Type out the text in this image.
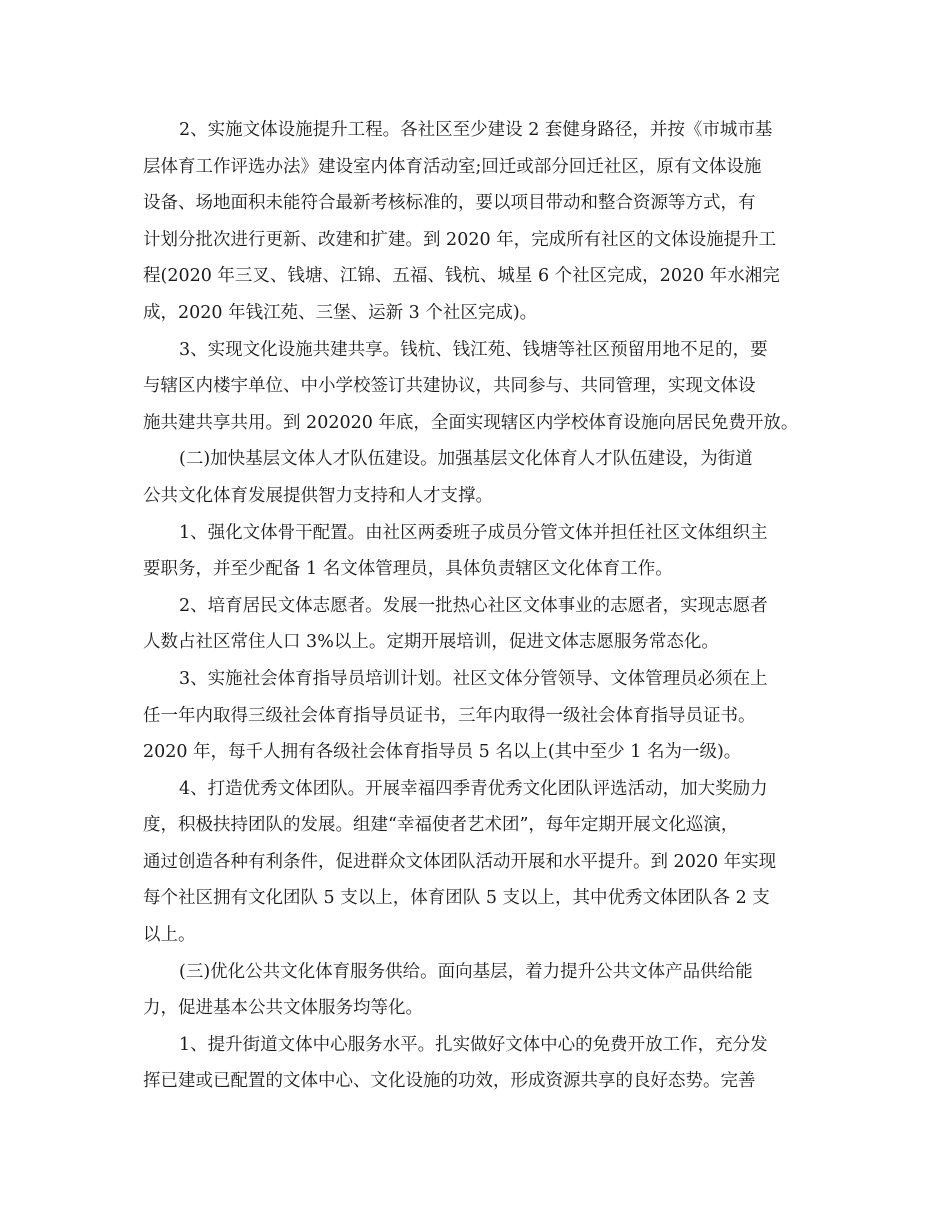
2、实施文体设施提升工程。各社区至少建设 2 套健身路径，并按《市城市基
层体育工作评选办法》建设室内体育活动室;回迁或部分回迁社区，原有文体设施
设备、场地面积未能符合最新考核标准的，要以项目带动和整合资源等方式，有
计划分批次进行更新、改建和扩建。到 2020 年，完成所有社区的文体设施提升工
程(2020 年三叉、钱塘、江锦、五福、钱杭、城星 6 个社区完成，2020 年水湘完
成，2020 年钱江苑、三堡、运新 3 个社区完成)。
3、实现文化设施共建共享。钱杭、钱江苑、钱塘等社区预留用地不足的，要
与辖区内楼宇单位、中小学校签订共建协议，共同参与、共同管理，实现文体设
施共建共享共用。到 202020 年底，全面实现辖区内学校体育设施向居民免费开放。
(二)加快基层文体人才队伍建设。加强基层文化体育人才队伍建设，为街道
公共文化体育发展提供智力支持和人才支撑。
1、强化文体骨干配置。由社区两委班子成员分管文体并担任社区文体组织主
要职务，并至少配备 1 名文体管理员，具体负责辖区文化体育工作。
2、培育居民文体志愿者。发展一批热心社区文体事业的志愿者，实现志愿者
人数占社区常住人口 3%以上。定期开展培训，促进文体志愿服务常态化。
3、实施社会体育指导员培训计划。社区文体分管领导、文体管理员必须在上
任一年内取得三级社会体育指导员证书，三年内取得一级社会体育指导员证书。
2020 年，每千人拥有各级社会体育指导员 5 名以上(其中至少 1 名为一级)。
4、打造优秀文体团队。开展幸福四季青优秀文化团队评选活动，加大奖励力
度，积极扶持团队的发展。组建“幸福使者艺术团”，每年定期开展文化巡演，
通过创造各种有利条件，促进群众文体团队活动开展和水平提升。到 2020 年实现
每个社区拥有文化团队 5 支以上，体育团队 5 支以上，其中优秀文体团队各 2 支
以上。
(三)优化公共文化体育服务供给。面向基层，着力提升公共文体产品供给能
力，促进基本公共文体服务均等化。
1、提升街道文体中心服务水平。扎实做好文体中心的免费开放工作，充分发
挥已建或已配置的文体中心、文化设施的功效，形成资源共享的良好态势。完善
